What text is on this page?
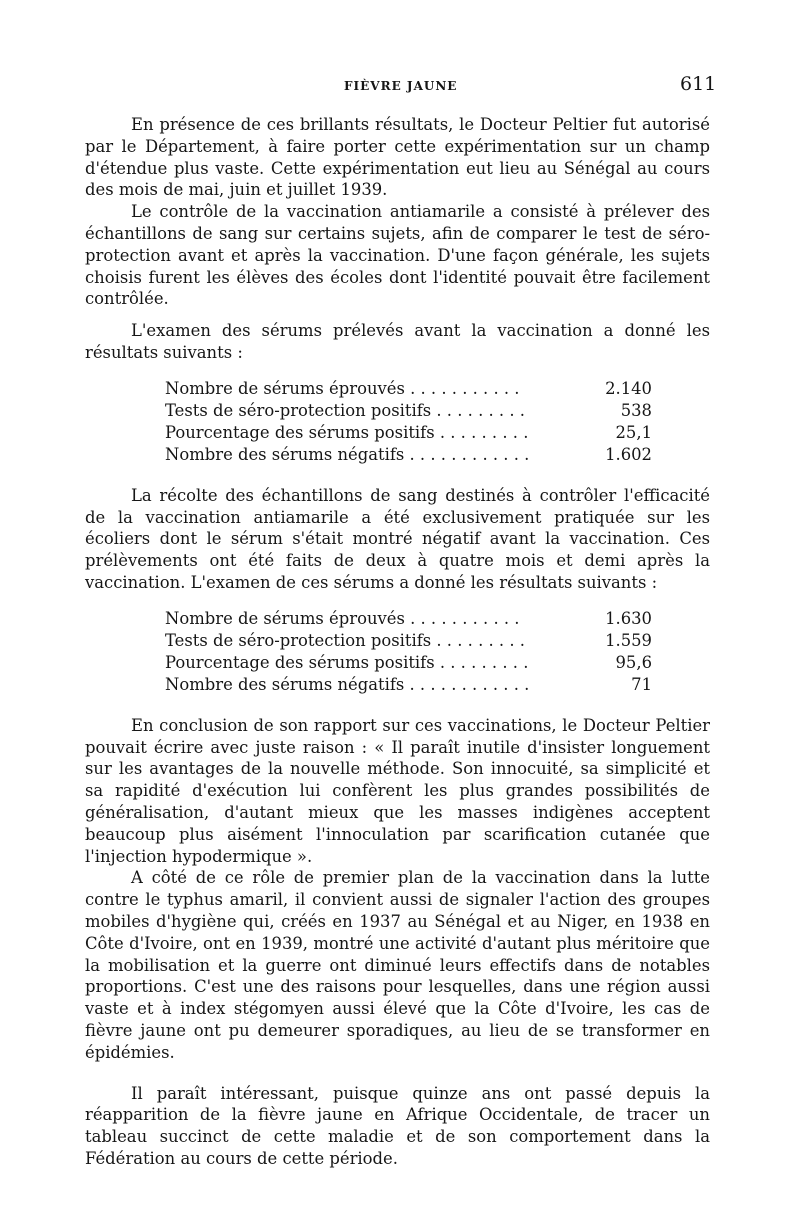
FIÈVRE JAUNE	611

En présence de ces brillants résultats, le Docteur Peltier fut autorisé par le Département, à faire porter cette expérimentation sur un champ d'étendue plus vaste. Cette expérimentation eut lieu au Sénégal au cours des mois de mai, juin et juillet 1939.

Le contrôle de la vaccination antiamarile a consisté à prélever des échantillons de sang sur certains sujets, afin de comparer le test de séro-protection avant et après la vaccination. D'une façon générale, les sujets choisis furent les élèves des écoles dont l'identité pouvait être facilement contrôlée.

L'examen des sérums prélevés avant la vaccination a donné les résultats suivants :

Nombre de sérums éprouvés . . . . . . . . . . .	2.140
Tests de séro-protection positifs . . . . . . . . .	538
Pourcentage des sérums positifs . . . . . . . . .	25,1
Nombre des sérums négatifs . . . . . . . . . . . .	1.602

La récolte des échantillons de sang destinés à contrôler l'efficacité de la vaccination antiamarile a été exclusivement pratiquée sur les écoliers dont le sérum s'était montré négatif avant la vaccination. Ces prélèvements ont été faits de deux à quatre mois et demi après la vaccination. L'examen de ces sérums a donné les résultats suivants :

Nombre de sérums éprouvés . . . . . . . . . . .	1.630
Tests de séro-protection positifs . . . . . . . . .	1.559
Pourcentage des sérums positifs . . . . . . . . .	95,6
Nombre des sérums négatifs . . . . . . . . . . . .	71

En conclusion de son rapport sur ces vaccinations, le Docteur Peltier pouvait écrire avec juste raison : « Il paraît inutile d'insister longuement sur les avantages de la nouvelle méthode. Son innocuité, sa simplicité et sa rapidité d'exécution lui confèrent les plus grandes possibilités de généralisation, d'autant mieux que les masses indigènes acceptent beaucoup plus aisément l'innoculation par scarification cutanée que l'injection hypodermique ».

A côté de ce rôle de premier plan de la vaccination dans la lutte contre le typhus amaril, il convient aussi de signaler l'action des groupes mobiles d'hygiène qui, créés en 1937 au Sénégal et au Niger, en 1938 en Côte d'Ivoire, ont en 1939, montré une activité d'autant plus méritoire que la mobilisation et la guerre ont diminué leurs effectifs dans de notables proportions. C'est une des raisons pour lesquelles, dans une région aussi vaste et à index stégomyen aussi élevé que la Côte d'Ivoire, les cas de fièvre jaune ont pu demeurer sporadiques, au lieu de se transformer en épidémies.

Il paraît intéressant, puisque quinze ans ont passé depuis la réapparition de la fièvre jaune en Afrique Occidentale, de tracer un tableau succinct de cette maladie et de son comportement dans la Fédération au cours de cette période.
